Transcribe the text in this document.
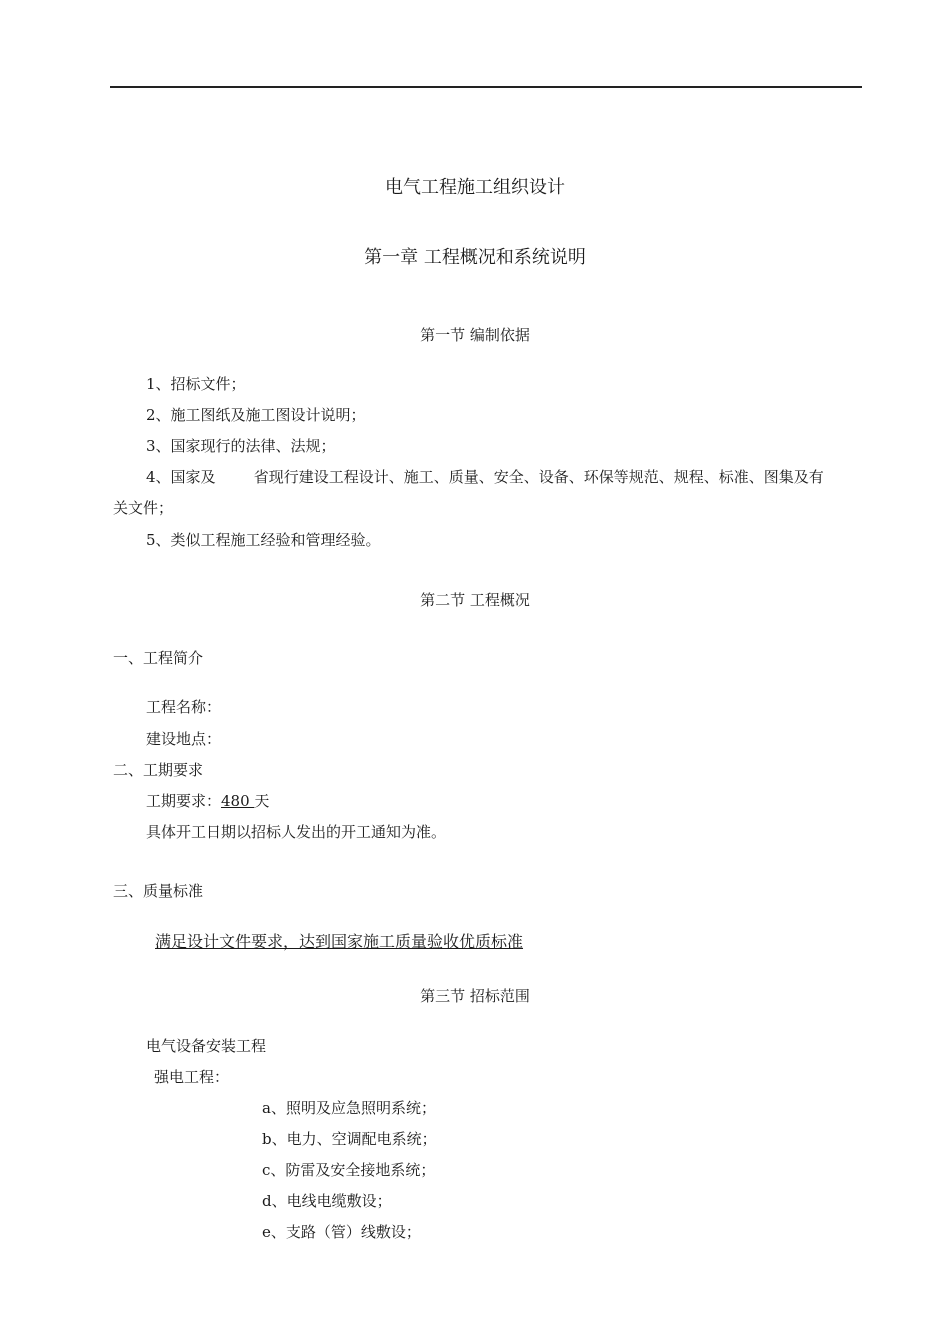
电气工程施工组织设计
第一章 工程概况和系统说明
第一节 编制依据
1、招标文件；
2、施工图纸及施工图设计说明；
3、国家现行的法律、法规；
4、国家及        省现行建设工程设计、施工、质量、安全、设备、环保等规范、规程、标准、图集及有
关文件；
5、类似工程施工经验和管理经验。
第二节 工程概况
一、工程简介
工程名称：
建设地点：
二、工期要求
工期要求：480 天
具体开工日期以招标人发出的开工通知为准。
三、质量标准
满足设计文件要求，达到国家施工质量验收优质标准
第三节 招标范围
电气设备安装工程
强电工程：
a、照明及应急照明系统；
b、电力、空调配电系统；
c、防雷及安全接地系统；
d、电线电缆敷设；
e、支路（管）线敷设；
